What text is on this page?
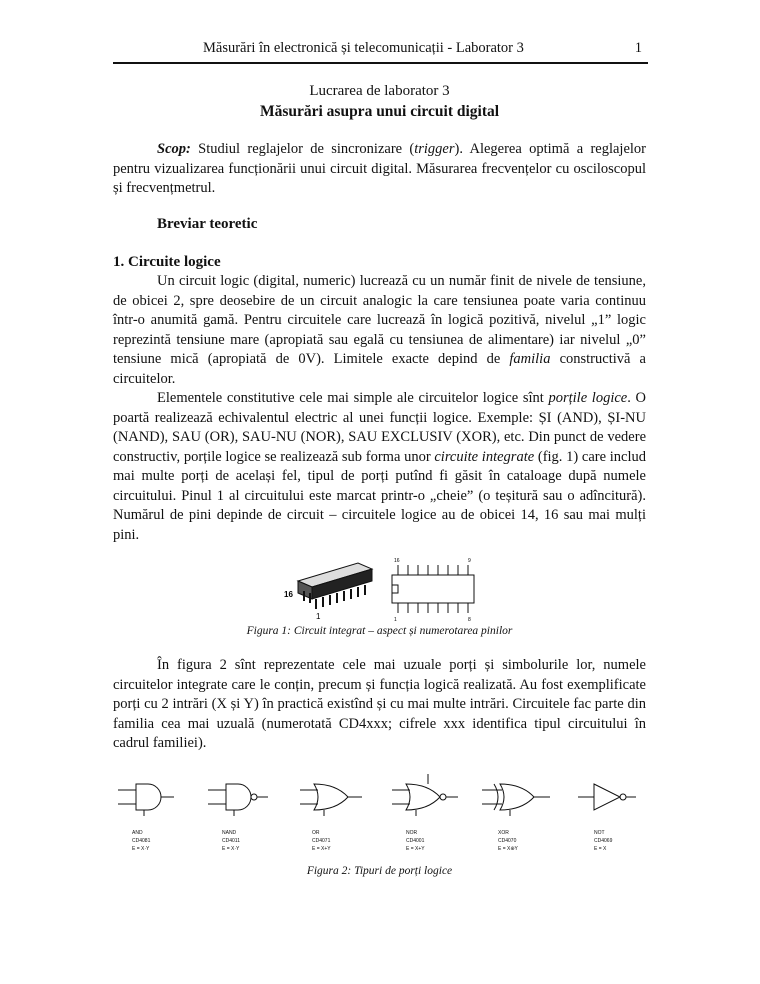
Măsurări în electronică și telecomunicații - Laborator 3	1
Lucrarea de laborator 3
Măsurări asupra unui circuit digital

Scop: Studiul reglajelor de sincronizare (trigger). Alegerea optimă a reglajelor pentru vizualizarea funcționării unui circuit digital. Măsurarea frecvențelor cu osciloscopul și frecvențmetrul.

Breviar teoretic
1. Circuite logice

Un circuit logic (digital, numeric) lucrează cu un număr finit de nivele de tensiune, de obicei 2, spre deosebire de un circuit analogic la care tensiunea poate varia continuu într-o anumită gamă. Pentru circuitele care lucrează în logică pozitivă, nivelul „1” logic reprezintă tensiune mare (apropiată sau egală cu tensiunea de alimentare) iar nivelul „0” tensiune mică (apropiată de 0V). Limitele exacte depind de familia constructivă a circuitelor.

Elementele constitutive cele mai simple ale circuitelor logice sînt porțile logice. O poartă realizează echivalentul electric al unei funcții logice. Exemple: ȘI (AND), ȘI-NU (NAND), SAU (OR), SAU-NU (NOR), SAU EXCLUSIV (XOR), etc. Din punct de vedere constructiv, porțile logice se realizează sub forma unor circuite integrate (fig. 1) care includ mai multe porți de același fel, tipul de porți putînd fi găsit în cataloage după numele circuitului. Pinul 1 al circuitului este marcat printr-o „cheie” (o teșitură sau o adîncitură). Numărul de pini depinde de circuit – circuitele logice au de obicei 14, 16 sau mai mulți pini.

16
1
16	9
1	8
Figura 1: Circuit integrat – aspect și numerotarea pinilor

În figura 2 sînt reprezentate cele mai uzuale porți și simbolurile lor, numele circuitelor integrate care le conțin, precum și funcția logică realizată. Au fost exemplificate porți cu 2 intrări (X și Y) în practică existînd și cu mai multe intrări. Circuitele fac parte din familia cea mai uzuală (numerotată CD4xxx; cifrele xxx identifica tipul circuitului în cadrul familiei).

AND
CD4081
E = X·Y
NAND
CD4011
E = X·Y
OR
CD4071
E = X+Y
NOR
CD4001
E = X+Y
XOR
CD4070
E = X⊕Y
NOT
CD4069
E = X
Figura 2: Tipuri de porți logice
